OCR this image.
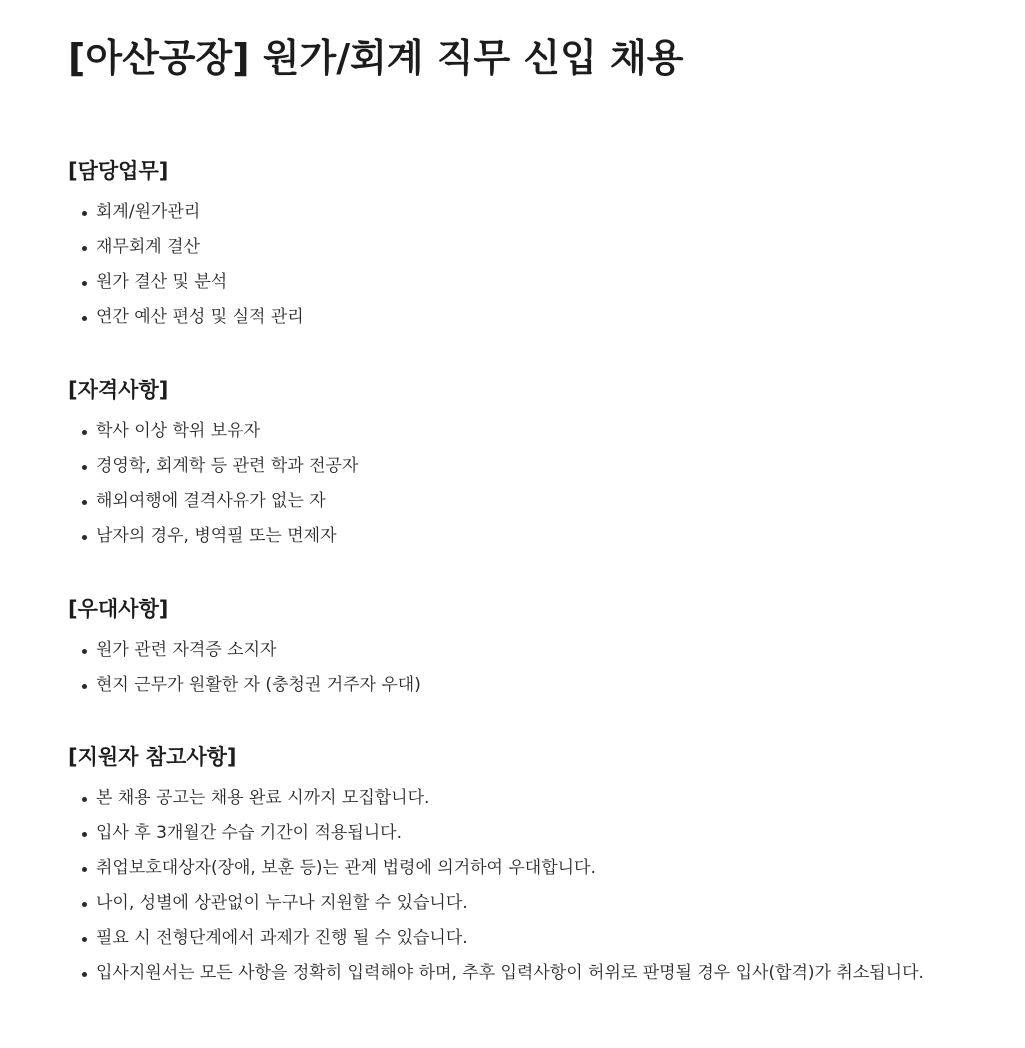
[아산공장] 원가/회계 직무 신입 채용
[담당업무]
회계/원가관리
재무회계 결산
원가 결산 및 분석
연간 예산 편성 및 실적 관리
[자격사항]
학사 이상 학위 보유자
경영학, 회계학 등 관련 학과 전공자
해외여행에 결격사유가 없는 자
남자의 경우, 병역필 또는 면제자
[우대사항]
원가 관련 자격증 소지자
현지 근무가 원활한 자 (충청권 거주자 우대)
[지원자 참고사항]
본 채용 공고는 채용 완료 시까지 모집합니다.
입사 후 3개월간 수습 기간이 적용됩니다.
취업보호대상자(장애, 보훈 등)는 관계 법령에 의거하여 우대합니다.
나이, 성별에 상관없이 누구나 지원할 수 있습니다.
필요 시 전형단계에서 과제가 진행 될 수 있습니다.
입사지원서는 모든 사항을 정확히 입력해야 하며, 추후 입력사항이 허위로 판명될 경우 입사(합격)가 취소됩니다.
